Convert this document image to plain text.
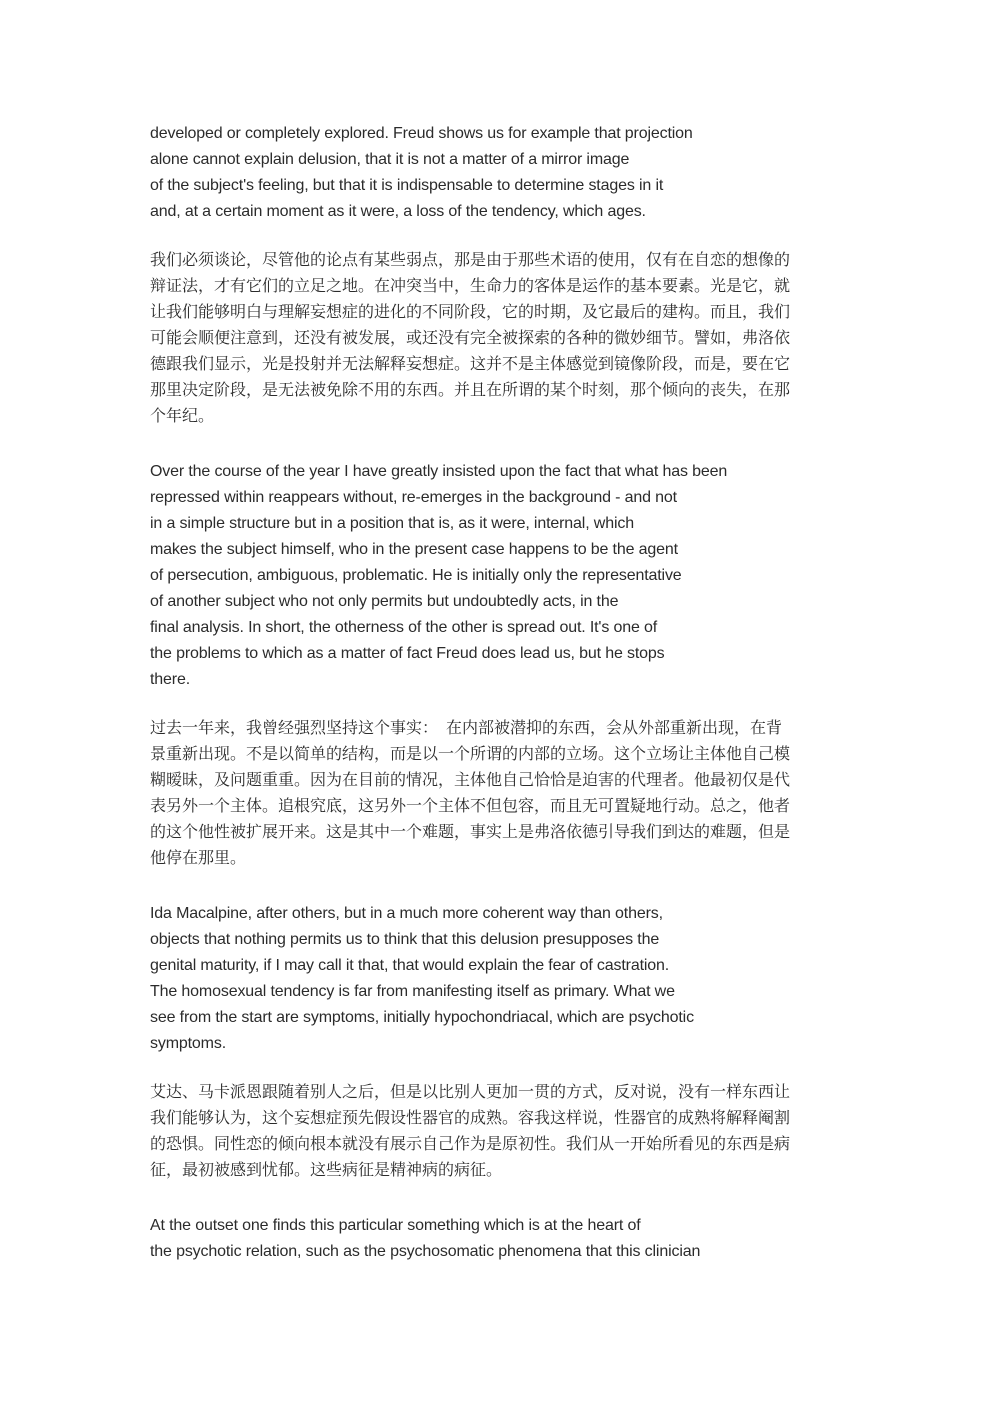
developed or completely explored. Freud shows us for example that projection
alone cannot explain delusion, that it is not a matter of a mirror image
of the subject's feeling, but that it is indispensable to determine stages in it
and, at a certain moment as it were, a loss of the tendency, which ages.

我们必须谈论，尽管他的论点有某些弱点，那是由于那些术语的使用，仅有在自恋的想像的
辩证法，才有它们的立足之地。在冲突当中，生命力的客体是运作的基本要素。光是它，就
让我们能够明白与理解妄想症的进化的不同阶段，它的时期，及它最后的建构。而且，我们
可能会顺便注意到，还没有被发展，或还没有完全被探索的各种的微妙细节。譬如，弗洛依
德跟我们显示，光是投射并无法解释妄想症。这并不是主体感觉到镜像阶段，而是，要在它
那里决定阶段，是无法被免除不用的东西。并且在所谓的某个时刻，那个倾向的丧失，在那
个年纪。

Over the course of the year I have greatly insisted upon the fact that what has been
repressed within reappears without, re-emerges in the background - and not
in a simple structure but in a position that is, as it were, internal, which
makes the subject himself, who in the present case happens to be the agent
of persecution, ambiguous, problematic. He is initially only the representative
of another subject who not only permits but undoubtedly acts, in the
final analysis. In short, the otherness of the other is spread out. It's one of
the problems to which as a matter of fact Freud does lead us, but he stops
there.

过去一年来，我曾经强烈坚持这个事实：　在内部被潜抑的东西，会从外部重新出现，在背
景重新出现。不是以简单的结构，而是以一个所谓的内部的立场。这个立场让主体他自己模
糊暧昧，及问题重重。因为在目前的情况，主体他自己恰恰是迫害的代理者。他最初仅是代
表另外一个主体。追根究底，这另外一个主体不但包容，而且无可置疑地行动。总之，他者
的这个他性被扩展开来。这是其中一个难题，事实上是弗洛依德引导我们到达的难题，但是
他停在那里。

Ida Macalpine, after others, but in a much more coherent way than others,
objects that nothing permits us to think that this delusion presupposes the
genital maturity, if I may call it that, that would explain the fear of castration.
The homosexual tendency is far from manifesting itself as primary. What we
see from the start are symptoms, initially hypochondriacal, which are psychotic
symptoms.

艾达、马卡派恩跟随着别人之后，但是以比别人更加一贯的方式，反对说，没有一样东西让
我们能够认为，这个妄想症预先假设性器官的成熟。容我这样说，性器官的成熟将解释阉割
的恐惧。同性恋的倾向根本就没有展示自己作为是原初性。我们从一开始所看见的东西是病
征，最初被感到忧郁。这些病征是精神病的病征。

At the outset one finds this particular something which is at the heart of
the psychotic relation, such as the psychosomatic phenomena that this clinician
